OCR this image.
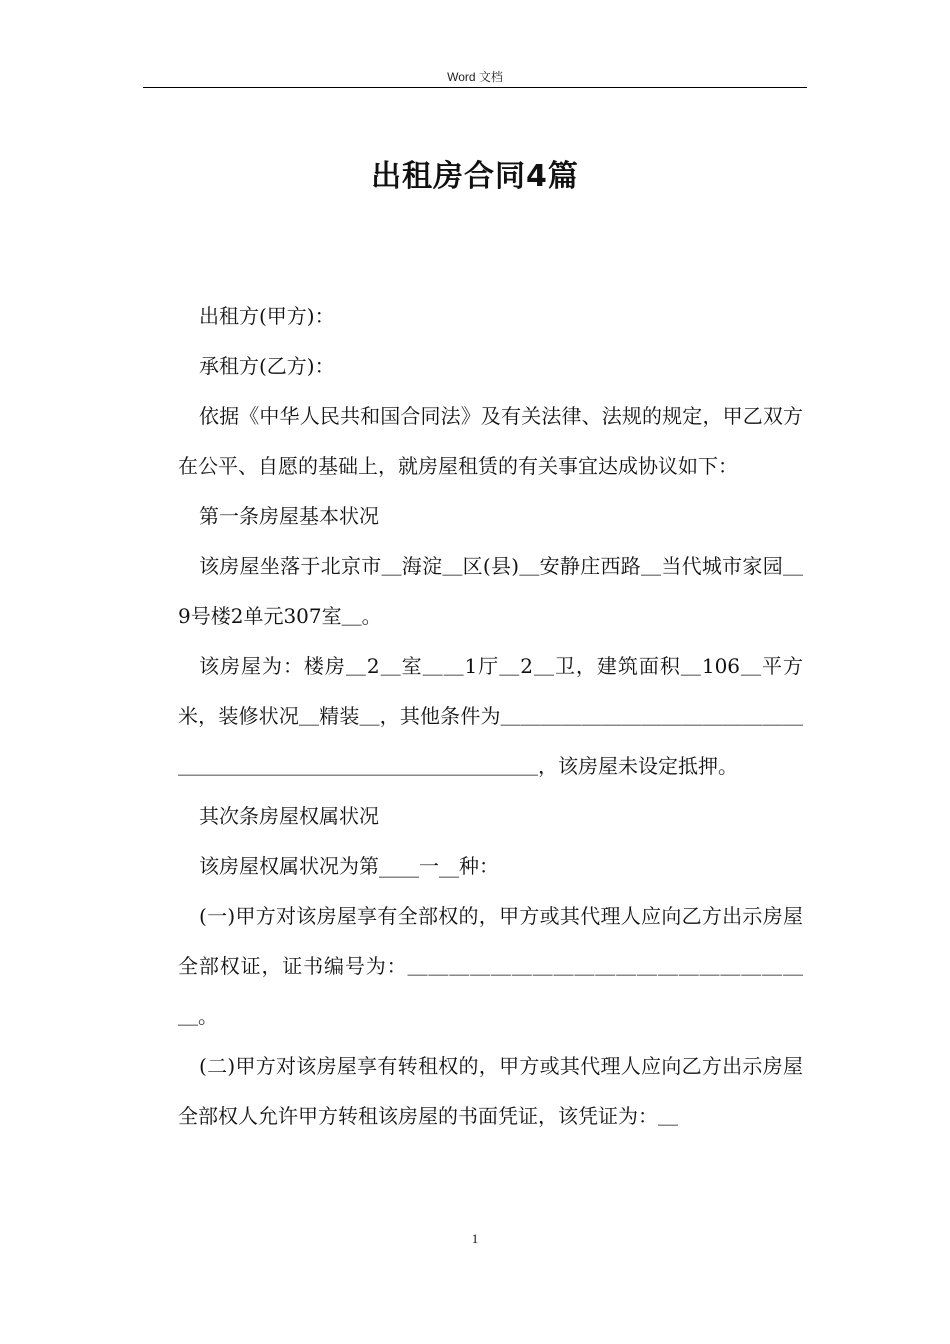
Word 文档
出租房合同4篇

出租方(甲方)：

承租方(乙方)：

依据《中华人民共和国合同法》及有关法律、法规的规定，甲乙双方在公平、自愿的基础上，就房屋租赁的有关事宜达成协议如下：

第一条房屋基本状况

该房屋坐落于北京市＿海淀＿区(县)＿安静庄西路＿当代城市家园＿9号楼2单元307室＿。

该房屋为：楼房＿2＿室＿＿1厅＿2＿卫，建筑面积＿106＿平方米，装修状况＿精装＿，其他条件为＿＿＿＿＿＿＿＿＿＿＿＿＿＿＿＿＿＿＿＿＿＿＿＿＿＿＿＿＿＿＿＿＿，该房屋未设定抵押。

其次条房屋权属状况

该房屋权属状况为第____一__种：

(一)甲方对该房屋享有全部权的，甲方或其代理人应向乙方出示房屋全部权证，证书编号为：＿＿＿＿＿＿＿＿＿＿＿＿＿＿＿＿＿＿＿＿。

(二)甲方对该房屋享有转租权的，甲方或其代理人应向乙方出示房屋全部权人允许甲方转租该房屋的书面凭证，该凭证为：＿

1
